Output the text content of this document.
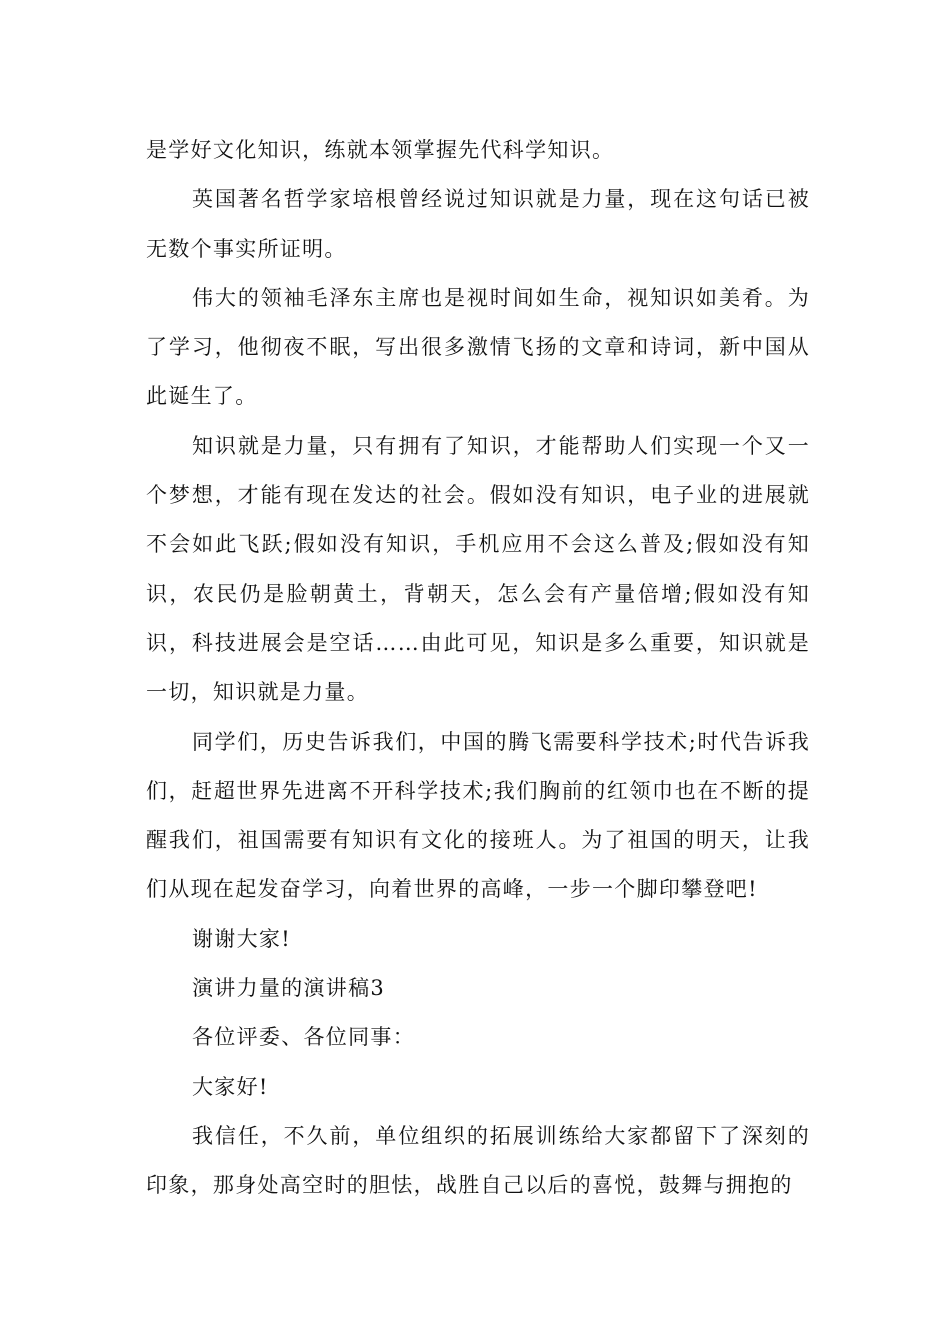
是学好文化知识，练就本领掌握先代科学知识。

英国著名哲学家培根曾经说过知识就是力量，现在这句话已被无数个事实所证明。

伟大的领袖毛泽东主席也是视时间如生命，视知识如美肴。为了学习，他彻夜不眠，写出很多激情飞扬的文章和诗词，新中国从此诞生了。

知识就是力量，只有拥有了知识，才能帮助人们实现一个又一个梦想，才能有现在发达的社会。假如没有知识，电子业的进展就不会如此飞跃;假如没有知识，手机应用不会这么普及;假如没有知识，农民仍是脸朝黄土，背朝天，怎么会有产量倍增;假如没有知识，科技进展会是空话……由此可见，知识是多么重要，知识就是一切，知识就是力量。

同学们，历史告诉我们，中国的腾飞需要科学技术;时代告诉我们，赶超世界先进离不开科学技术;我们胸前的红领巾也在不断的提醒我们，祖国需要有知识有文化的接班人。为了祖国的明天，让我们从现在起发奋学习，向着世界的高峰，一步一个脚印攀登吧!

谢谢大家!

演讲力量的演讲稿3

各位评委、各位同事：

大家好!

我信任，不久前，单位组织的拓展训练给大家都留下了深刻的印象，那身处高空时的胆怯，战胜自己以后的喜悦，鼓舞与拥抱的
